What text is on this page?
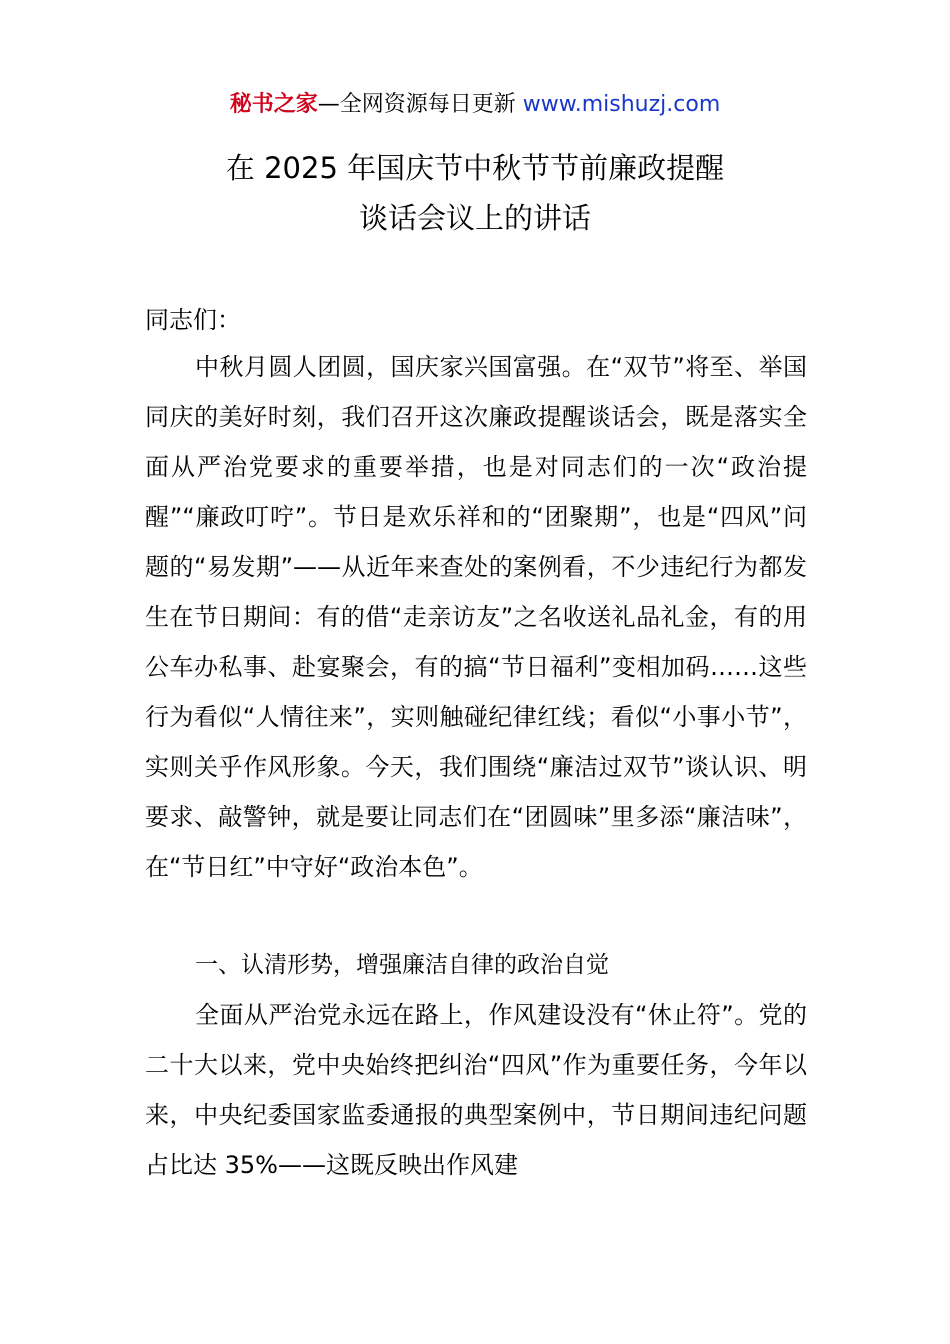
秘书之家—全网资源每日更新 www.mishuzj.com
在 2025 年国庆节中秋节节前廉政提醒
谈话会议上的讲话
同志们：

中秋月圆人团圆，国庆家兴国富强。在“双节”将至、举国同庆的美好时刻，我们召开这次廉政提醒谈话会，既是落实全面从严治党要求的重要举措，也是对同志们的一次“政治提醒”“廉政叮咛”。节日是欢乐祥和的“团聚期”，也是“四风”问题的“易发期”——从近年来查处的案例看，不少违纪行为都发生在节日期间：有的借“走亲访友”之名收送礼品礼金，有的用公车办私事、赴宴聚会，有的搞“节日福利”变相加码……这些行为看似“人情往来”，实则触碰纪律红线；看似“小事小节”，实则关乎作风形象。今天，我们围绕“廉洁过双节”谈认识、明要求、敲警钟，就是要让同志们在“团圆味”里多添“廉洁味”，在“节日红”中守好“政治本色”。

一、认清形势，增强廉洁自律的政治自觉

全面从严治党永远在路上，作风建设没有“休止符”。党的二十大以来，党中央始终把纠治“四风”作为重要任务，今年以来，中央纪委国家监委通报的典型案例中，节日期间违纪问题占比达 35%——这既反映出作风建
